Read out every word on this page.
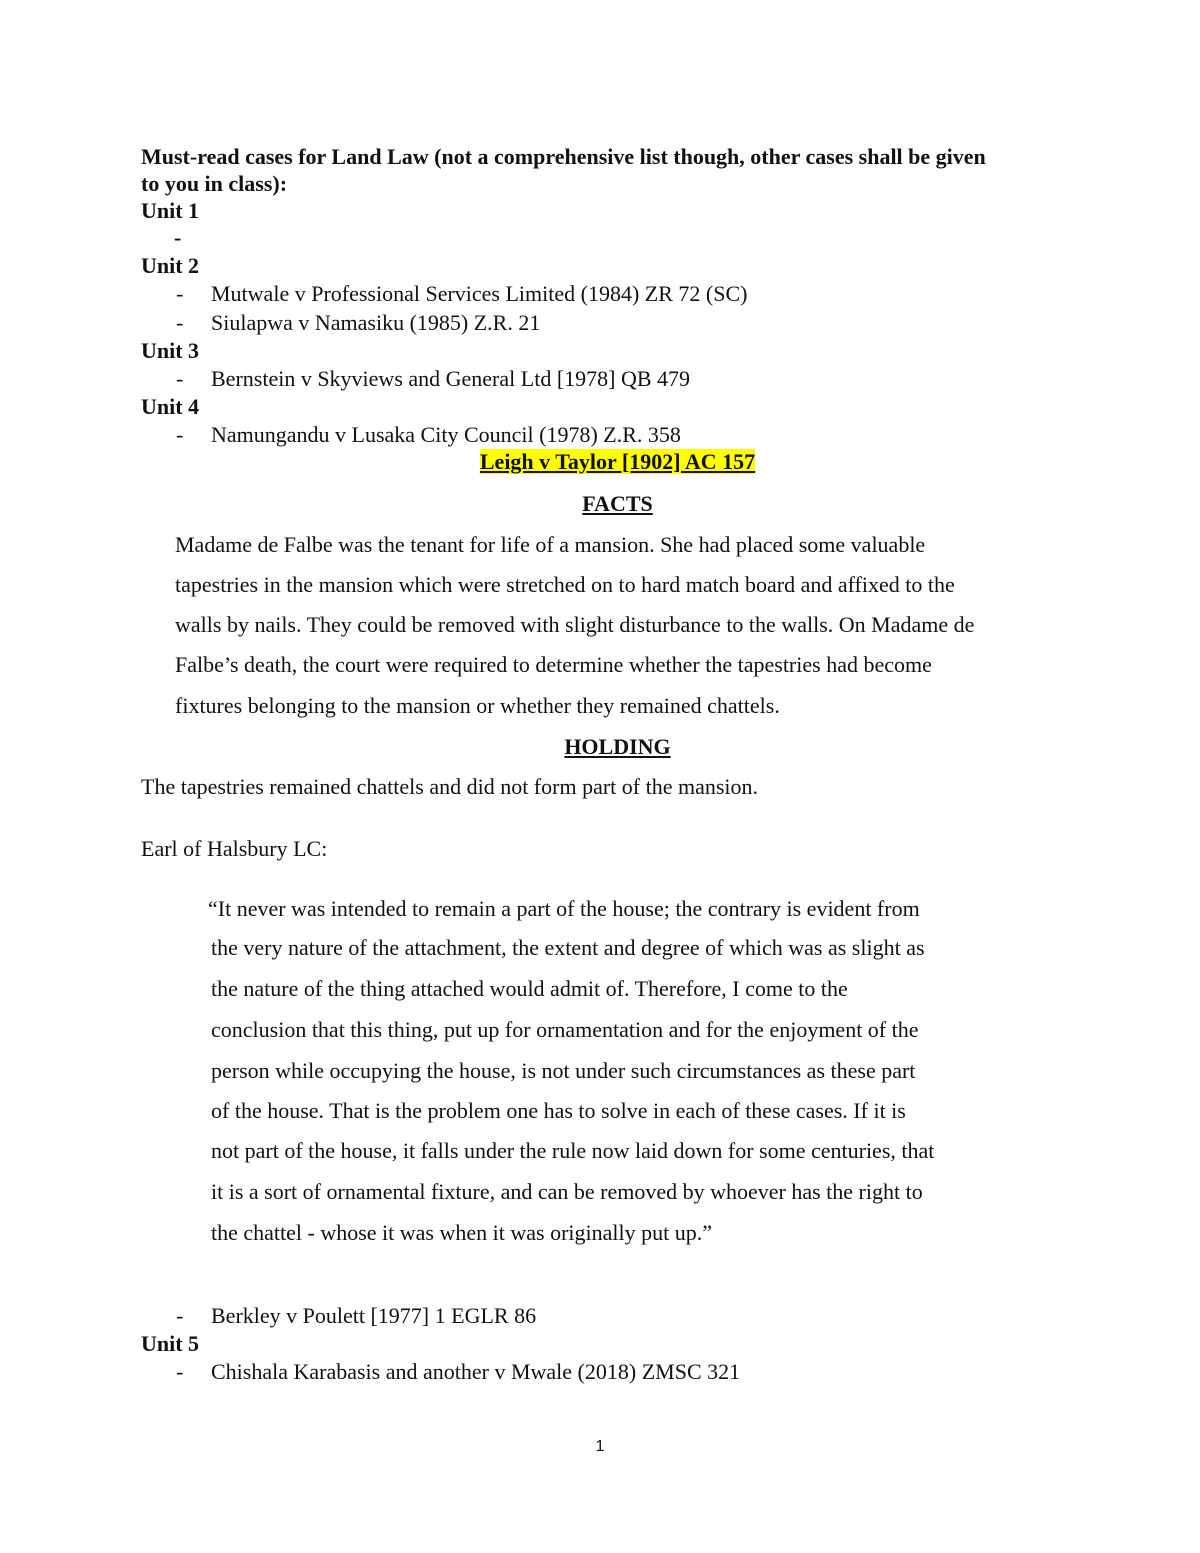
Must-read cases for Land Law (not a comprehensive list though, other cases shall be given
to you in class):
Unit 1
-
Unit 2
- Mutwale v Professional Services Limited (1984) ZR 72 (SC)
- Siulapwa v Namasiku (1985) Z.R. 21
Unit 3
- Bernstein v Skyviews and General Ltd [1978] QB 479
Unit 4
- Namungandu v Lusaka City Council (1978) Z.R. 358
Leigh v Taylor [1902] AC 157
FACTS
Madame de Falbe was the tenant for life of a mansion. She had placed some valuable
tapestries in the mansion which were stretched on to hard match board and affixed to the
walls by nails. They could be removed with slight disturbance to the walls. On Madame de
Falbe’s death, the court were required to determine whether the tapestries had become
fixtures belonging to the mansion or whether they remained chattels.
HOLDING
The tapestries remained chattels and did not form part of the mansion.
Earl of Halsbury LC:
“It never was intended to remain a part of the house; the contrary is evident from
the very nature of the attachment, the extent and degree of which was as slight as
the nature of the thing attached would admit of. Therefore, I come to the
conclusion that this thing, put up for ornamentation and for the enjoyment of the
person while occupying the house, is not under such circumstances as these part
of the house. That is the problem one has to solve in each of these cases. If it is
not part of the house, it falls under the rule now laid down for some centuries, that
it is a sort of ornamental fixture, and can be removed by whoever has the right to
the chattel - whose it was when it was originally put up.”
- Berkley v Poulett [1977] 1 EGLR 86
Unit 5
- Chishala Karabasis and another v Mwale (2018) ZMSC 321
1
